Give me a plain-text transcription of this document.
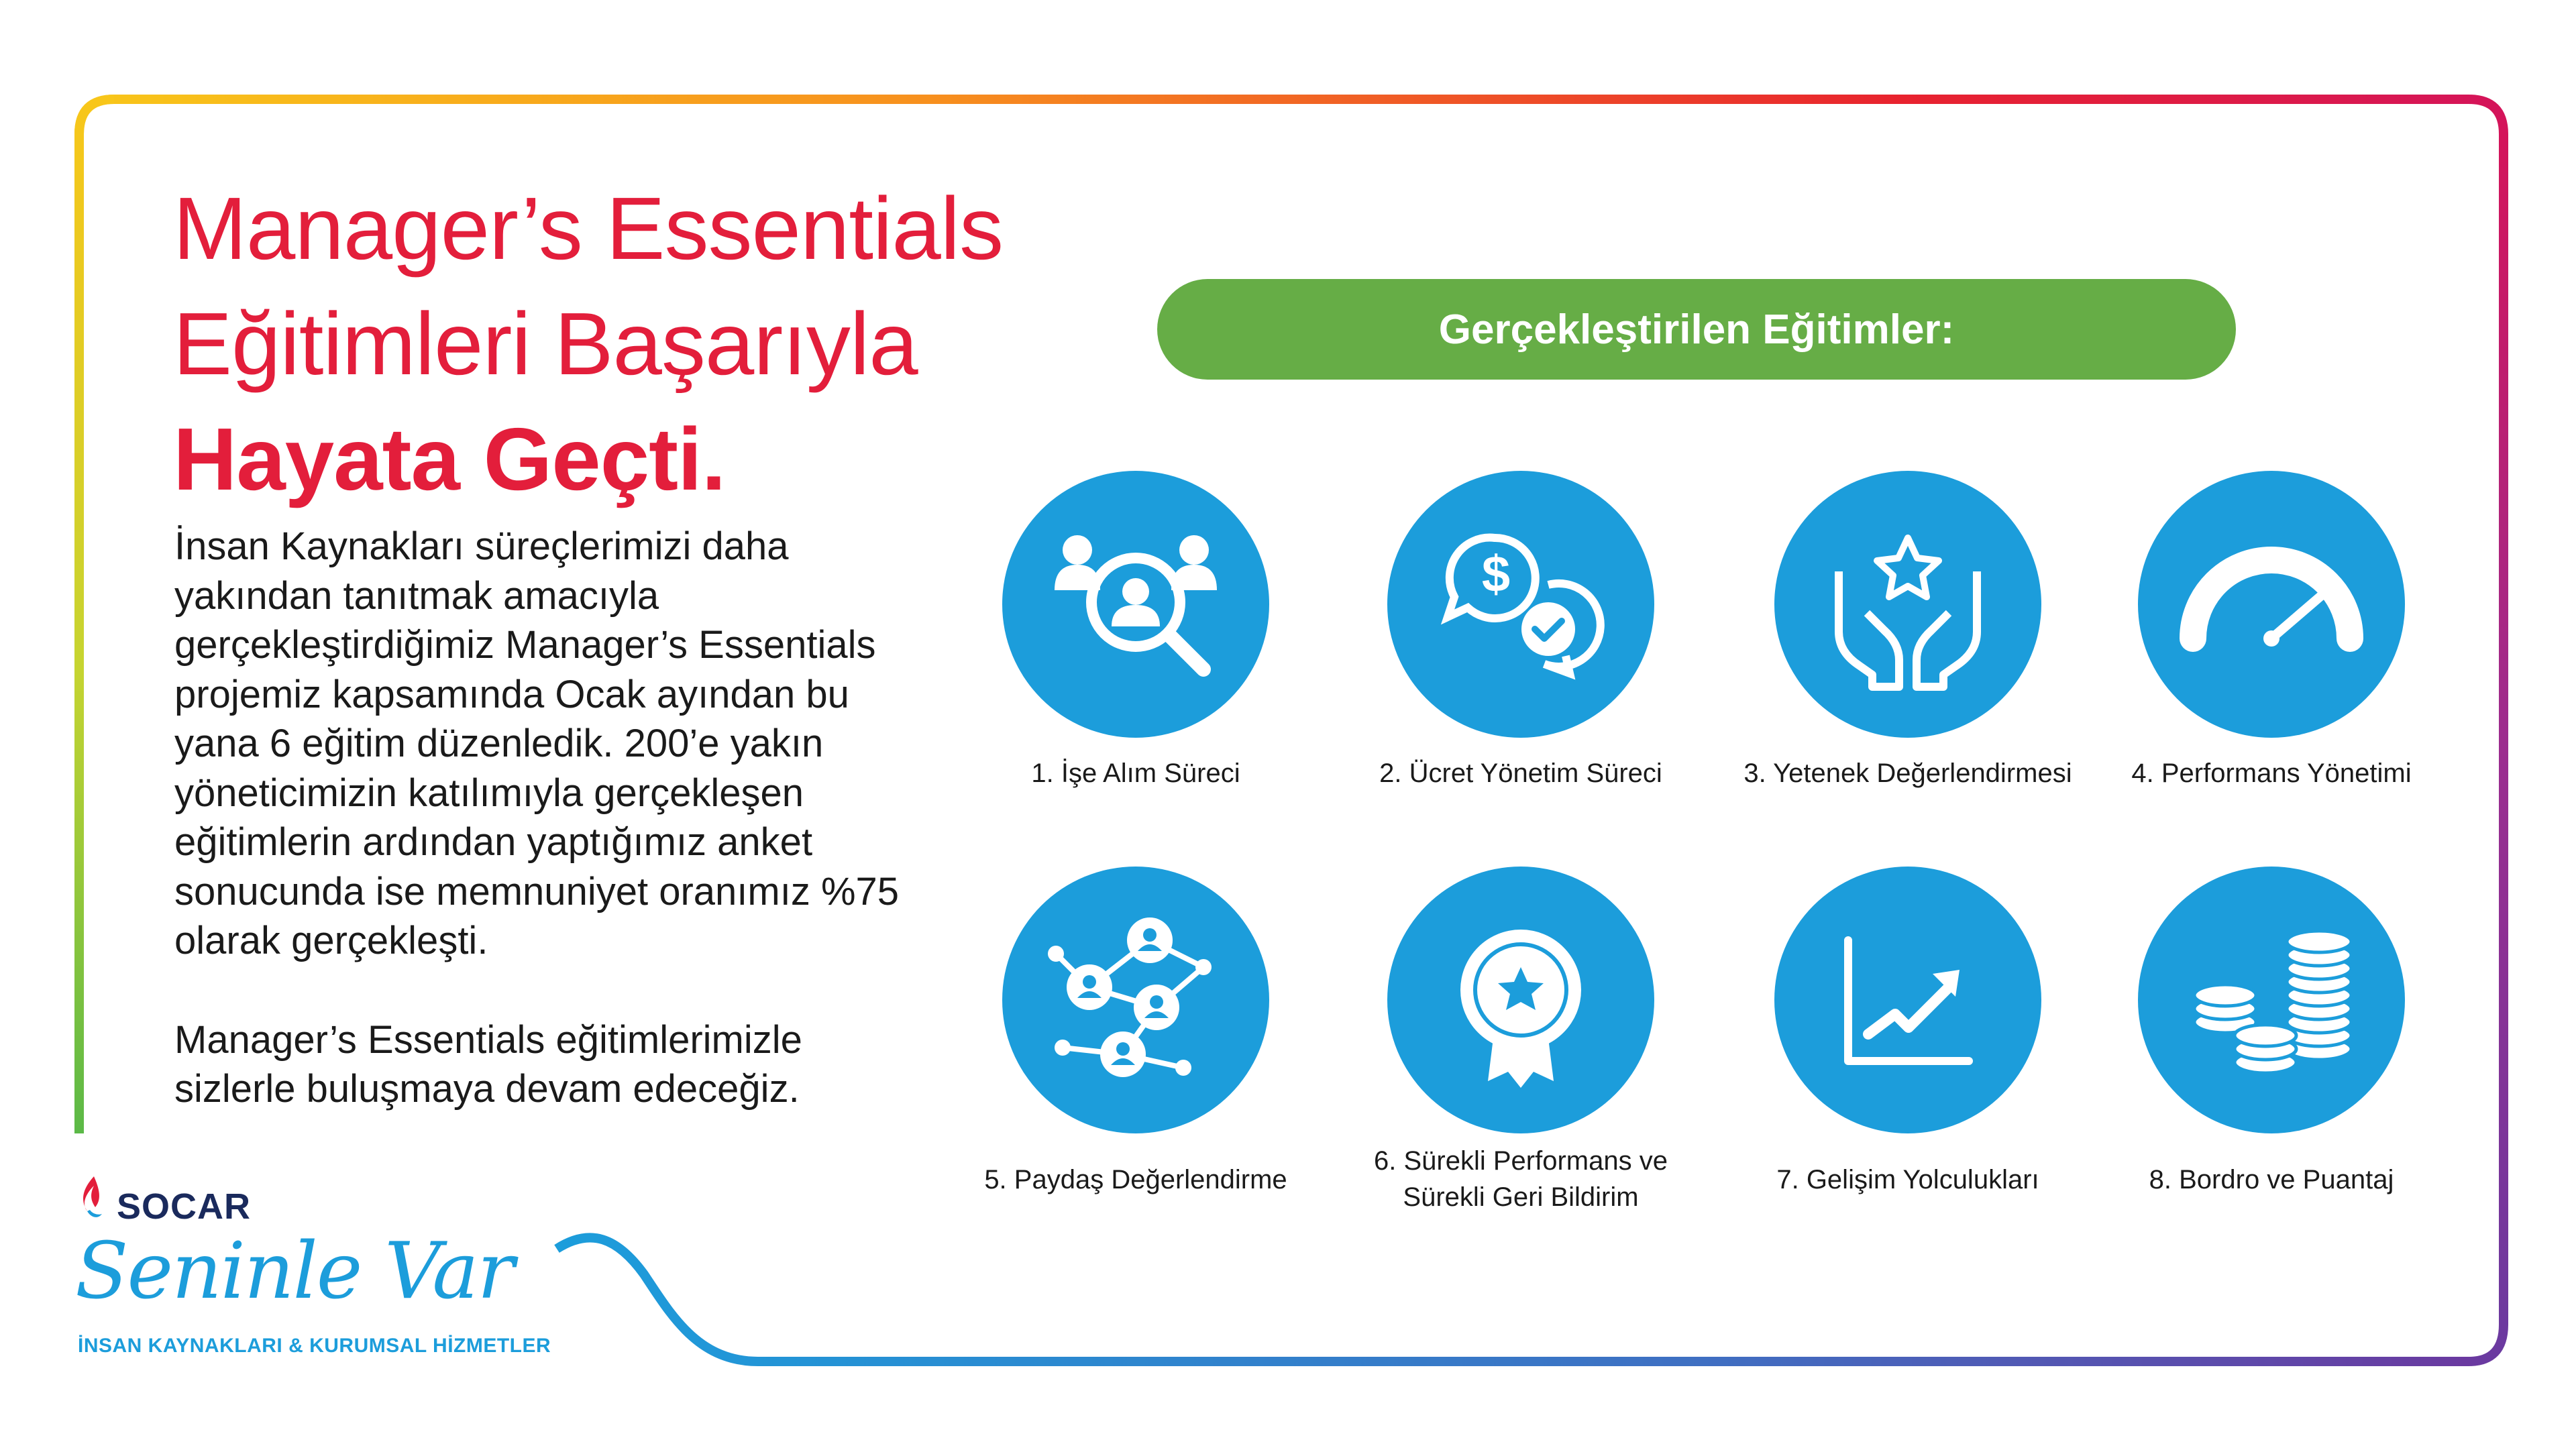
Manager’s Essentials
Eğitimleri Başarıyla
Hayata Geçti.

İnsan Kaynakları süreçlerimizi daha yakından tanıtmak amacıyla gerçekleştirdiğimiz Manager’s Essentials projemiz kapsamında Ocak ayından bu yana 6 eğitim düzenledik. 200’e yakın yöneticimizin katılımıyla gerçekleşen eğitimlerin ardından yaptığımız anket sonucunda ise memnuniyet oranımız %75 olarak gerçekleşti.

Manager’s Essentials eğitimlerimizle sizlerle buluşmaya devam edeceğiz.

Gerçekleştirilen Eğitimler:
1. İşe Alım Süreci
$
2. Ücret Yönetim Süreci	3. Yetenek Değerlendirmesi	4. Performans Yönetimi
5. Paydaş Değerlendirme
6. Sürekli Performans ve Sürekli Geri Bildirim
7. Gelişim Yolculukları	8. Bordro ve Puantaj
SOCAR
Seninle Var
İNSAN KAYNAKLARI & KURUMSAL HİZMETLER
